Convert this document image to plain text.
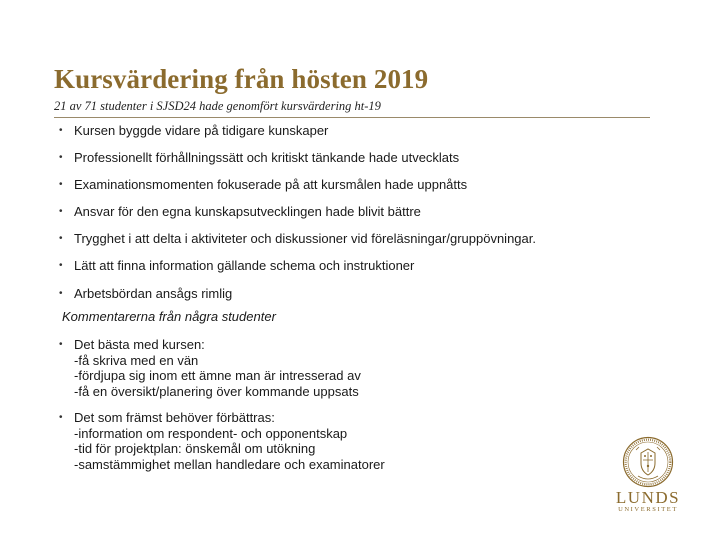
Kursvärdering från hösten 2019
21 av 71 studenter i SJSD24 hade genomfört kursvärdering ht-19
• Kursen byggde vidare på tidigare kunskaper
• Professionellt förhållningssätt och kritiskt tänkande hade utvecklats
• Examinationsmomenten fokuserade på att kursmålen hade uppnåtts
• Ansvar för den egna kunskapsutvecklingen hade blivit bättre
• Trygghet i att delta i aktiviteter och diskussioner vid föreläsningar/gruppövningar.
• Lätt att finna information gällande schema och instruktioner
• Arbetsbördan ansågs rimlig
Kommentarerna från några studenter
• Det bästa med kursen:
-få skriva med en vän
-fördjupa sig inom ett ämne man är intresserad av
-få en översikt/planering över kommande uppsats
• Det som främst behöver förbättras:
-information om respondent- och opponentskap
-tid för projektplan: önskemål om utökning
-samstämmighet mellan handledare och examinatorer
LUNDS
UNIVERSITET
